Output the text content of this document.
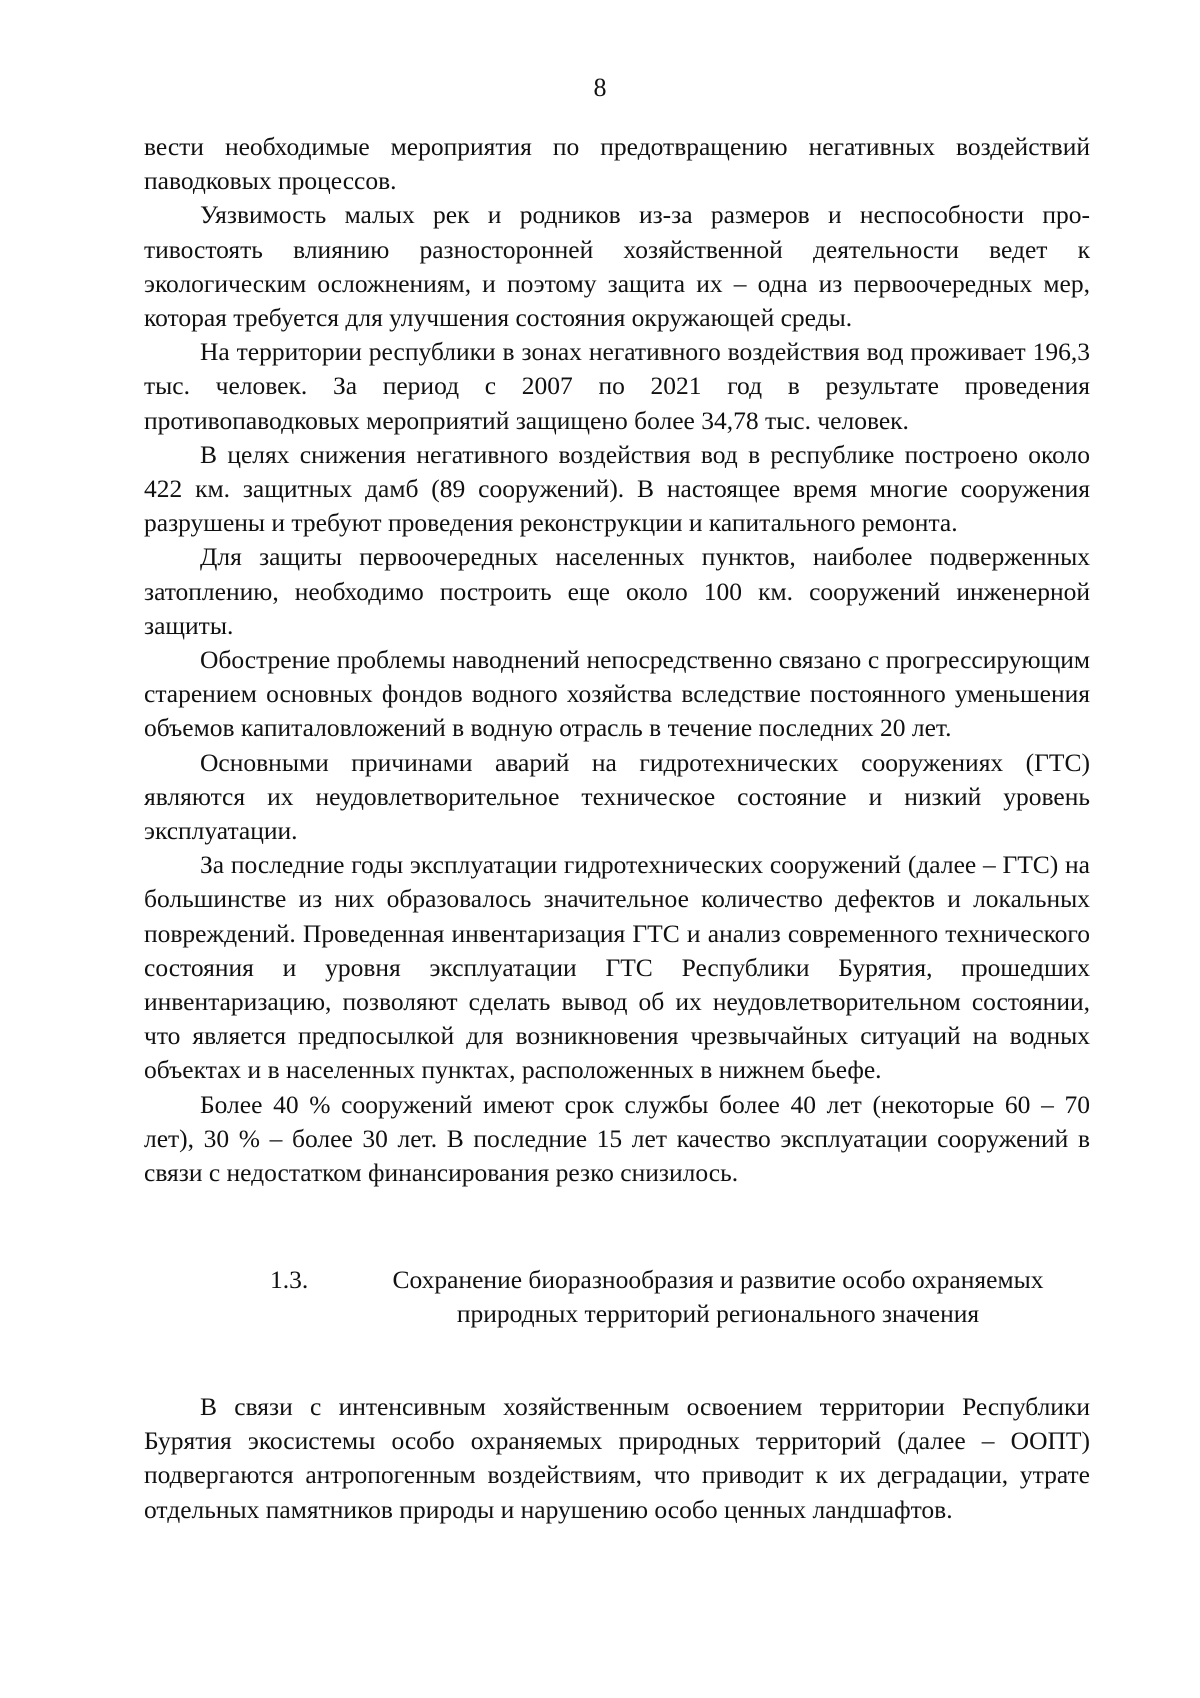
8

вести необходимые мероприятия по предотвращению негативных воздействий паводковых процессов.

Уязвимость малых рек и родников из-за размеров и неспособности противостоять влиянию разносторонней хозяйственной деятельности ведет к экологическим осложнениям, и поэтому защита их – одна из первоочередных мер, которая требуется для улучшения состояния окружающей среды.

На территории республики в зонах негативного воздействия вод проживает 196,3 тыс. человек. За период с 2007 по 2021 год в результате проведения противопаводковых мероприятий защищено более 34,78 тыс. человек.

В целях снижения негативного воздействия вод в республике построено около 422 км. защитных дамб (89 сооружений). В настоящее время многие сооружения разрушены и требуют проведения реконструкции и капитального ремонта.

Для защиты первоочередных населенных пунктов, наиболее подверженных затоплению, необходимо построить еще около 100 км. сооружений инженерной защиты.

Обострение проблемы наводнений непосредственно связано с прогрессирующим старением основных фондов водного хозяйства вследствие постоянного уменьшения объемов капиталовложений в водную отрасль в течение последних 20 лет.

Основными причинами аварий на гидротехнических сооружениях (ГТС) являются их неудовлетворительное техническое состояние и низкий уровень эксплуатации.

За последние годы эксплуатации гидротехнических сооружений (далее – ГТС) на большинстве из них образовалось значительное количество дефектов и локальных повреждений. Проведенная инвентаризация ГТС и анализ современного технического состояния и уровня эксплуатации ГТС Республики Бурятия, прошедших инвентаризацию, позволяют сделать вывод об их неудовлетворительном состоянии, что является предпосылкой для возникновения чрезвычайных ситуаций на водных объектах и в населенных пунктах, расположенных в нижнем бьефе.

Более 40 % сооружений имеют срок службы более 40 лет (некоторые 60 – 70 лет), 30 % – более 30 лет. В последние 15 лет качество эксплуатации сооружений в связи с недостатком финансирования резко снизилось.

1.3.	Сохранение биоразнообразия и развитие особо охраняемых
природных территорий регионального значения

В связи с интенсивным хозяйственным освоением территории Республики Бурятия экосистемы особо охраняемых природных территорий (далее – ООПТ) подвергаются антропогенным воздействиям, что приводит к их деградации, утрате отдельных памятников природы и нарушению особо ценных ландшафтов.
